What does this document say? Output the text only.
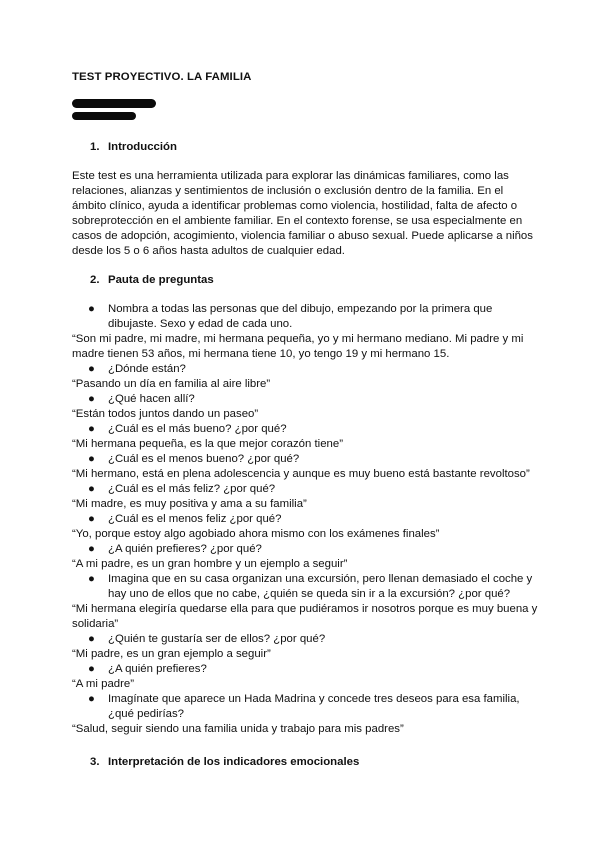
TEST PROYECTIVO. LA FAMILIA
1. Introducción
Este test es una herramienta utilizada para explorar las dinámicas familiares, como las
relaciones, alianzas y sentimientos de inclusión o exclusión dentro de la familia. En el
ámbito clínico, ayuda a identificar problemas como violencia, hostilidad, falta de afecto o
sobreprotección en el ambiente familiar. En el contexto forense, se usa especialmente en
casos de adopción, acogimiento, violencia familiar o abuso sexual. Puede aplicarse a niños
desde los 5 o 6 años hasta adultos de cualquier edad.
2. Pauta de preguntas
● Nombra a todas las personas que del dibujo, empezando por la primera que
dibujaste. Sexo y edad de cada uno.
“Son mi padre, mi madre, mi hermana pequeña, yo y mi hermano mediano. Mi padre y mi
madre tienen 53 años, mi hermana tiene 10, yo tengo 19 y mi hermano 15.
● ¿Dónde están?
“Pasando un día en familia al aire libre”
● ¿Qué hacen allí?
“Están todos juntos dando un paseo”
● ¿Cuál es el más bueno? ¿por qué?
“Mi hermana pequeña, es la que mejor corazón tiene”
● ¿Cuál es el menos bueno? ¿por qué?
“Mi hermano, está en plena adolescencia y aunque es muy bueno está bastante revoltoso”
● ¿Cuál es el más feliz? ¿por qué?
“Mi madre, es muy positiva y ama a su familia”
● ¿Cuál es el menos feliz ¿por qué?
“Yo, porque estoy algo agobiado ahora mismo con los exámenes finales”
● ¿A quién prefieres? ¿por qué?
“A mi padre, es un gran hombre y un ejemplo a seguir”
● Imagina que en su casa organizan una excursión, pero llenan demasiado el coche y
hay uno de ellos que no cabe, ¿quién se queda sin ir a la excursión? ¿por qué?
“Mi hermana elegiría quedarse ella para que pudiéramos ir nosotros porque es muy buena y
solidaria”
● ¿Quién te gustaría ser de ellos? ¿por qué?
“Mi padre, es un gran ejemplo a seguir”
● ¿A quién prefieres?
“A mi padre”
● Imagínate que aparece un Hada Madrina y concede tres deseos para esa familia,
¿qué pedirías?
“Salud, seguir siendo una familia unida y trabajo para mis padres”
3. Interpretación de los indicadores emocionales
